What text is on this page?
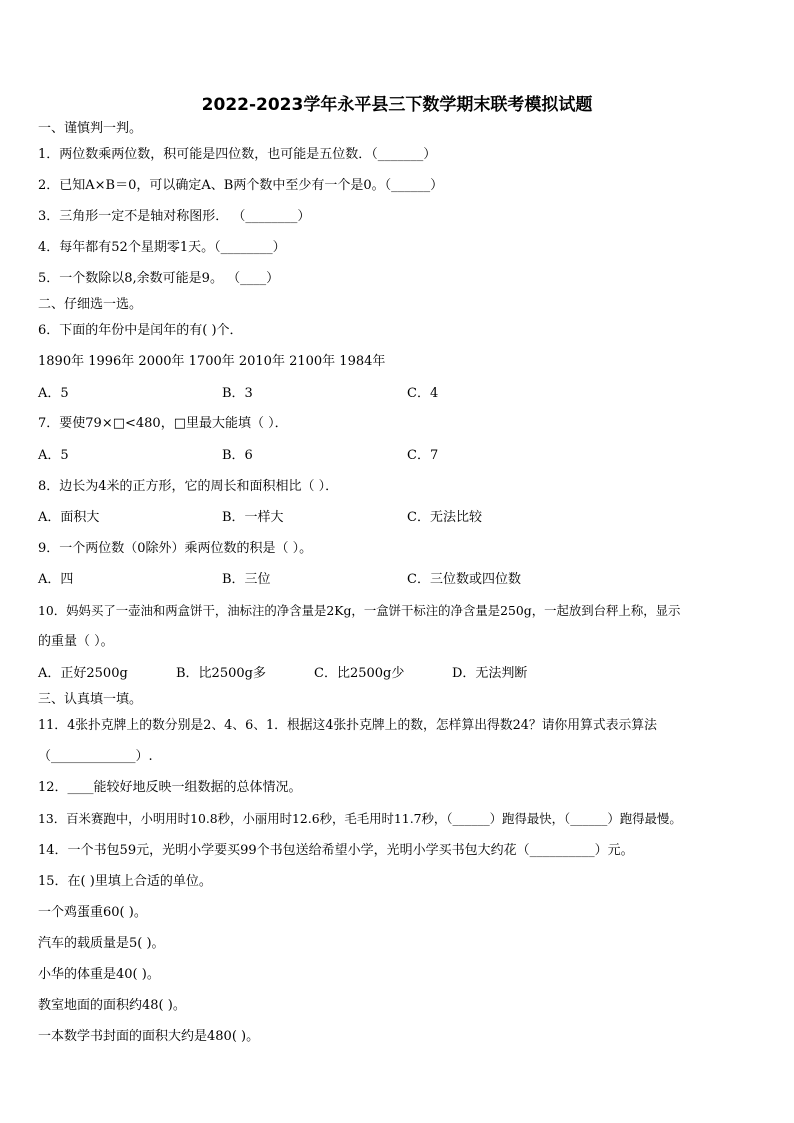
2022-2023学年永平县三下数学期末联考模拟试题
一、谨慎判一判。
1．两位数乘两位数，积可能是四位数，也可能是五位数．（_______）
2．已知A×B＝0，可以确定A、B两个数中至少有一个是0。（______）
3．三角形一定不是轴对称图形． （________）
4．每年都有52个星期零1天。（________）
5．一个数除以8,余数可能是9。 （____）
二、仔细选一选。
6．下面的年份中是闰年的有( )个．
1890年 1996年 2000年 1700年 2010年 2100年 1984年
A．5	B．3	C．4
7．要使79×□<480，□里最大能填（ ）．
A．5	B．6	C．7
8．边长为4米的正方形，它的周长和面积相比（ ）．
A．面积大	B．一样大	C．无法比较
9．一个两位数（0除外）乘两位数的积是（ ）。
A．四	B．三位	C．三位数或四位数
10．妈妈买了一壶油和两盒饼干，油标注的净含量是2Kg，一盒饼干标注的净含量是250g，一起放到台秤上称，显示
的重量（ ）。
A．正好2500g	B．比2500g多	C．比2500g少	D．无法判断
三、认真填一填。
11．4张扑克牌上的数分别是2、4、6、1．根据这4张扑克牌上的数，怎样算出得数24？请你用算式表示算法
（_____________）.
12．____能较好地反映一组数据的总体情况。
13．百米赛跑中，小明用时10.8秒，小丽用时12.6秒，毛毛用时11.7秒，（______）跑得最快，（______）跑得最慢。
14．一个书包59元，光明小学要买99个书包送给希望小学，光明小学买书包大约花（__________）元。
15．在( )里填上合适的单位。
一个鸡蛋重60( )。
汽车的载质量是5( )。
小华的体重是40( )。
教室地面的面积约48( )。
一本数学书封面的面积大约是480( )。
